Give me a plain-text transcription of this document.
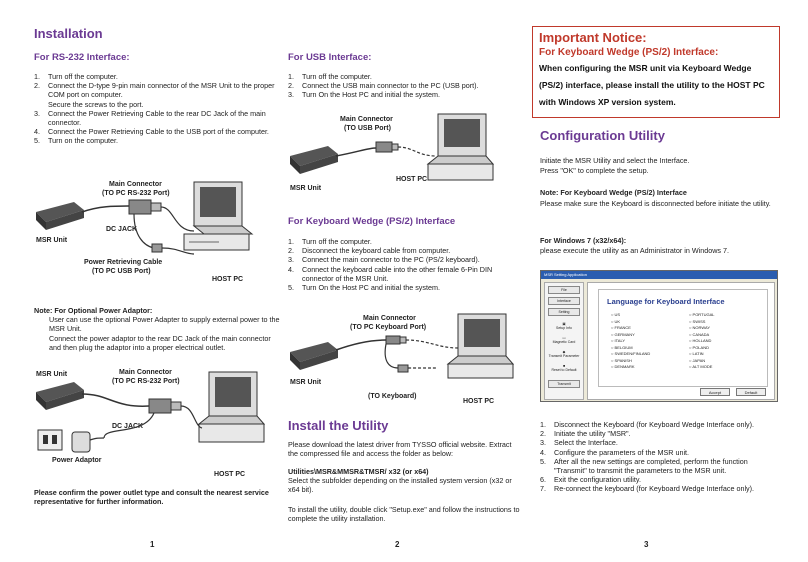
Installation
For RS-232 Interface:
1.	Turn off the computer.
2.	Connect the D-type 9-pin main connector of the MSR Unit to the proper COM port on computer.
Secure the screws to the port.
3.	Connect the Power Retrieving Cable to the rear DC Jack of the main connector.
4.	Connect the Power Retrieving Cable to the USB port of the computer.
5.	Turn on the computer.
Main Connector
(TO PC RS-232 Port)
DC JACK
MSR Unit
Power Retrieving Cable
(TO PC USB Port)
HOST PC
Note: For Optional Power Adaptor:
User can use the optional Power Adapter to supply external power to the MSR Unit.
Connect the power adaptor to the rear DC Jack of the main connector and then plug the adaptor into a proper electrical outlet.
MSR Unit	Main Connector
(TO PC RS-232 Port)
DC JACK
Power Adaptor
HOST PC
Please confirm the power outlet type and consult the nearest service representative for further information.
1
For USB Interface:
1.	Turn off the computer.
2.	Connect the USB main connector to the PC (USB port).
3.	Turn On the Host PC and initial the system.
Main Connector
(TO USB Port)
MSR Unit
HOST PC
For Keyboard Wedge (PS/2) Interface
1.	Turn off the computer.
2.	Disconnect the keyboard cable from computer.
3.	Connect the main connector to the PC (PS/2 keyboard).
4.	Connect the keyboard cable into the other female 6-Pin DIN connector of the MSR Unit.
5.	Turn On the Host PC and initial the system.
Main Connector
(TO PC Keyboard Port)
MSR Unit
(TO Keyboard)
HOST PC
Install the Utility
Please download the latest driver from TYSSO official website. Extract the compressed file and access the folder as below:
Utilities\MSR&MMSR&TMSR/ x32 (or x64)
Select the subfolder depending on the installed system version (x32 or x64 bit).
To install the utility, double click "Setup.exe" and follow the instructions to complete the utility installation.
2
Important Notice:
For Keyboard Wedge (PS/2) Interface:
When configuring the MSR unit via Keyboard Wedge (PS/2) interface, please install the utility to the HOST PC with Windows XP version system.
Configuration Utility
Initiate the MSR Utility and select the Interface.
Press "OK" to complete the setup.
Note: For Keyboard Wedge (PS/2) Interface
Please make sure the Keyboard is disconnected before initiate the utility.
For Windows 7 (x32/x64):
please execute the utility as an Administrator in Windows 7.
MSR Setting Application
File
Interface
Setting
▣
Setup Info
▭
Magnetic Card
◆
Transmit Parameter
■
Reset to Default
Transmit
Language for Keyboard Interface
○ US	○ PORTUGAL
○ UK	○ SWISS
○ FRANCE	○ NORWAY
○ GERMANY	○ CANADA
○ ITALY	○ HOLLAND
○ BELGIUM	○ POLAND
○ SWEDEN/FINLAND	○ LATIN
○ SPANISH	○ JAPAN
○ DENMARK	○ ALT MODE
Accept	Default
1.	Disconnect the Keyboard (for Keyboard Wedge Interface only).
2.	Initiate the utility "MSR".
3.	Select the Interface.
4.	Configure the parameters of the MSR unit.
5.	After all the new settings are completed, perform the function "Transmit" to transmit the parameters to the MSR unit.
6.	Exit the configuration utility.
7.	Re-connect the keyboard (for Keyboard Wedge Interface only).
3
